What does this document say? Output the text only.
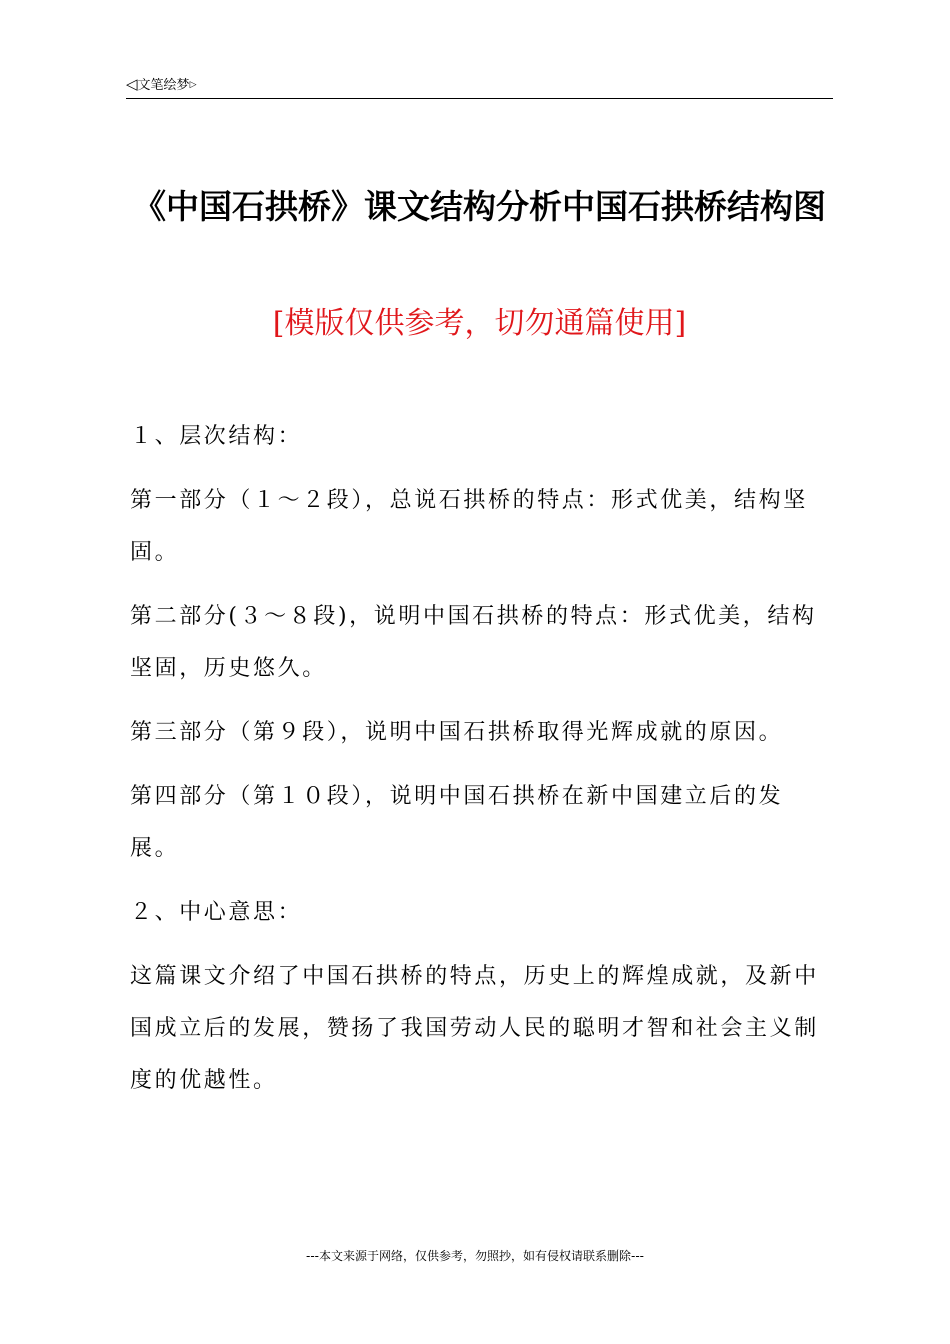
◁文笔绘梦▷
《中国石拱桥》课文结构分析中国石拱桥结构图

[模版仅供参考，切勿通篇使用]

１、层次结构：

第一部分（１～２段），总说石拱桥的特点：形式优美，结构坚固。

第二部分(３～８段)，说明中国石拱桥的特点：形式优美，结构坚固，历史悠久。

第三部分（第９段），说明中国石拱桥取得光辉成就的原因。

第四部分（第１０段），说明中国石拱桥在新中国建立后的发展。

２、中心意思：

这篇课文介绍了中国石拱桥的特点，历史上的辉煌成就，及新中国成立后的发展，赞扬了我国劳动人民的聪明才智和社会主义制度的优越性。

---本文来源于网络，仅供参考，勿照抄，如有侵权请联系删除---
